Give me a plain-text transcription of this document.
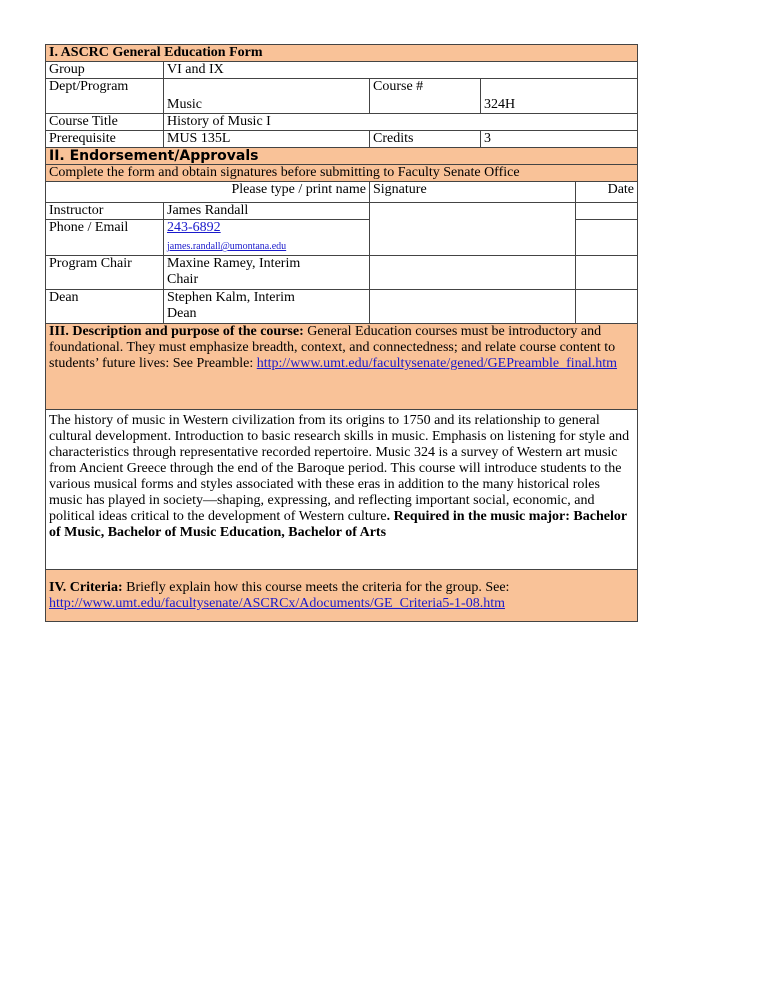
I. ASCRC General Education Form				
Group	VI and IX			
Dept/Program	Music	Course #	324H	
Course Title	History of Music I			
Prerequisite	MUS 135L	Credits	3	
II. Endorsement/Approvals				
Complete the form and obtain signatures before submitting to Faculty Senate Office				
Please type / print name		Signature		Date
Instructor	James Randall			
Phone / Email	243-6892
james.randall@umontana.edu			

Program Chair	Maxine Ramey, Interim
Chair			

Dean	Stephen Kalm, Interim
Dean			

III. Description and purpose of the course: General Education courses must be introductory and foundational. They must emphasize breadth, context, and connectedness; and relate course content to students’ future lives: See Preamble: http://www.umt.edu/facultysenate/gened/GEPreamble_final.htm				
The history of music in Western civilization from its origins to 1750 and its relationship to general cultural development. Introduction to basic research skills in music. Emphasis on listening for style and characteristics through representative recorded repertoire. Music 324 is a survey of Western art music from Ancient Greece through the end of the Baroque period. This course will introduce students to the various musical forms and styles associated with these eras in addition to the many historical roles music has played in society—shaping, expressing, and reflecting important social, economic, and political ideas critical to the development of Western culture. Required in the music major: Bachelor of Music, Bachelor of Music Education, Bachelor of Arts				
IV. Criteria: Briefly explain how this course meets the criteria for the group. See: http://www.umt.edu/facultysenate/ASCRCx/Adocuments/GE_Criteria5-1-08.htm				
